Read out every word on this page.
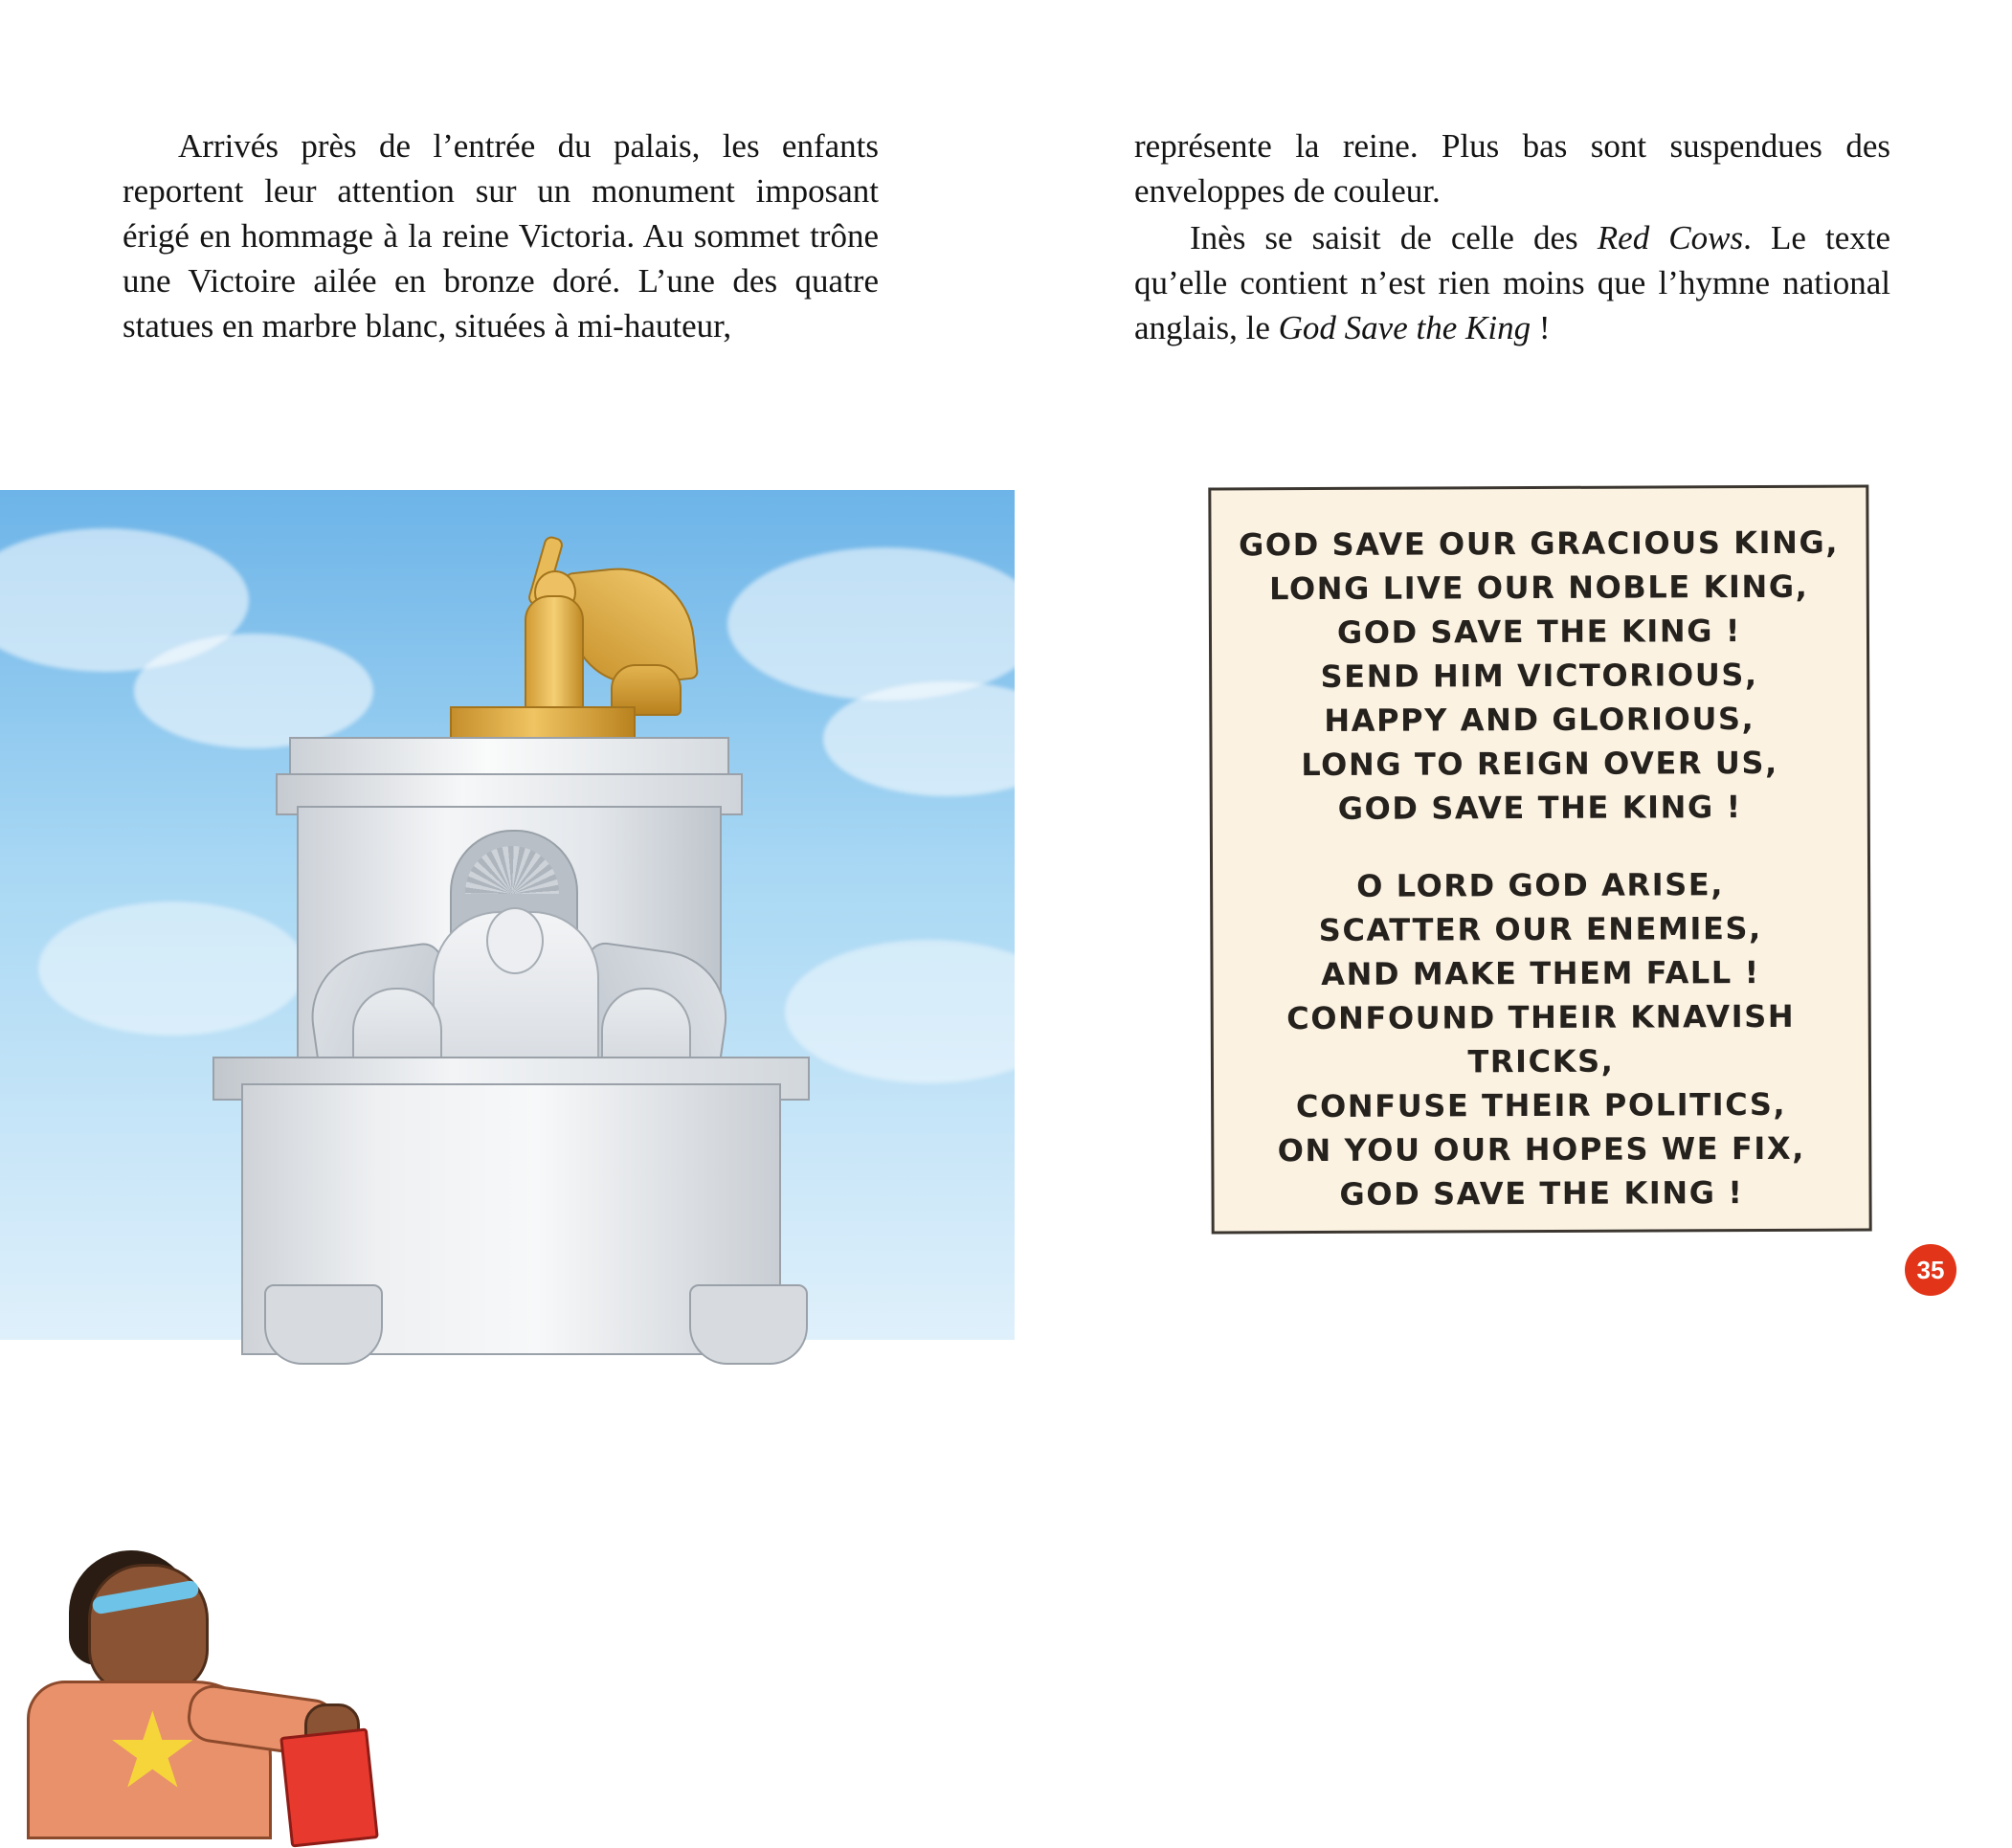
Arrivés près de l’entrée du palais, les enfants reportent leur attention sur un monument imposant érigé en hommage à la reine Victoria. Au sommet trône une Victoire ailée en bronze doré. L’une des quatre statues en marbre blanc, situées à mi-hauteur,

représente la reine. Plus bas sont suspendues des enveloppes de couleur.

Inès se saisit de celle des Red Cows. Le texte qu’elle contient n’est rien moins que l’hymne national anglais, le God Save the King !

GOD SAVE OUR GRACIOUS KING,
LONG LIVE OUR NOBLE KING,
GOD SAVE THE KING !
SEND HIM VICTORIOUS,
HAPPY AND GLORIOUS,
LONG TO REIGN OVER US,
GOD SAVE THE KING !
O LORD GOD ARISE,
SCATTER OUR ENEMIES,
AND MAKE THEM FALL !
CONFOUND THEIR KNAVISH TRICKS,
CONFUSE THEIR POLITICS,
ON YOU OUR HOPES WE FIX,
GOD SAVE THE KING !
35
